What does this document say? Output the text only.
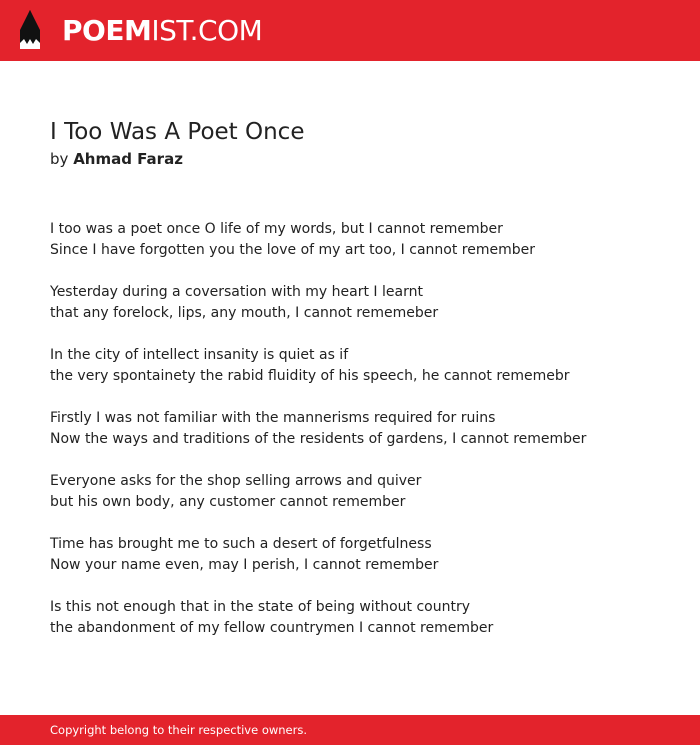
POEMIST.COM
I Too Was A Poet Once
by Ahmad Faraz
I too was a poet once O life of my words, but I cannot remember
Since I have forgotten you the love of my art too, I cannot remember
Yesterday during a coversation with my heart I learnt
that any forelock, lips, any mouth, I cannot rememeber
In the city of intellect insanity is quiet as if
the very spontainety the rabid fluidity of his speech, he cannot rememebr
Firstly I was not familiar with the mannerisms required for ruins
Now the ways and traditions of the residents of gardens, I cannot remember
Everyone asks for the shop selling arrows and quiver
but his own body, any customer cannot remember
Time has brought me to such a desert of forgetfulness
Now your name even, may I perish, I cannot remember
Is this not enough that in the state of being without country
the abandonment of my fellow countrymen I cannot remember
Copyright belong to their respective owners.
